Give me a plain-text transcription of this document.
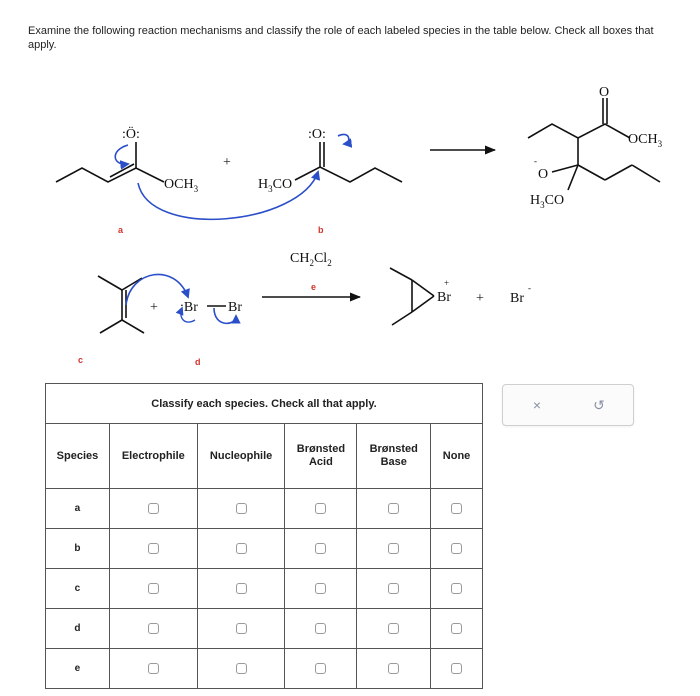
Examine the following reaction mechanisms and classify the role of each labeled species in the table below. Check all boxes that apply.
:Ö:
$OCH_3$
a
+
$H_3CO$
:O:
b
O
$OCH_3$
-
O
$H_3CO$
$CH_2Cl_2$
e
c
+ :Br Br
d
+
Br + Br
-
Classify each species. Check all that apply.					
Species	Electrophile	Nucleophile	Brønsted Acid	Brønsted Base	None
a					
b					
c					
d					
e					
×	↺
